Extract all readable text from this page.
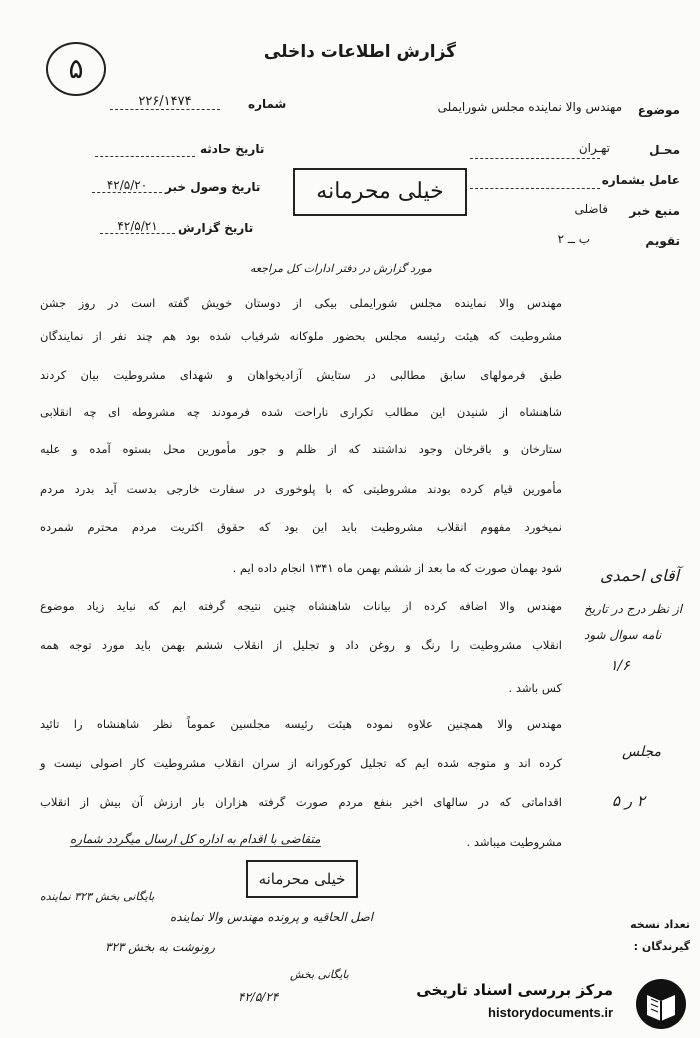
۵	گزارش اطلاعات داخلی
موضوع
مهندس والا نماینده مجلس شورایملی
محـل
تهـران
عامل بشماره
منبع خبر
فاضلی
تقویم
ب ــ ۲
شماره
۲۲۶/۱۴۷۴
تاریخ حادثه
تاریخ وصول خبر
۴۲/۵/۲۰
تاریخ گزارش
۴۲/۵/۲۱
خیلی محرمانه
مورد گزارش در دفتر ادارات کل مراجعه
مهندس والا نماینده مجلس شورایملی بیکی از دوستان خویش گفته است در روز جشن
مشروطیت که هیئت رئیسه مجلس بحضور ملوکانه شرفیاب شده بود هم چند نفر از نمایندگان
طبق فرمولهای سابق مطالبی در ستایش آزادیخواهان و شهدای مشروطیت بیان کردند
شاهنشاه از شنیدن این مطالب تکراری ناراحت شده فرمودند چه مشروطه ای چه انقلابی
ستارخان و باقرخان وجود نداشتند که از ظلم و جور مأمورین محل بستوه آمده و علیه
مأمورین قیام کرده بودند مشروطیتی که با پلوخوری در سفارت خارجی بدست آید بدرد مردم
نمیخورد مفهوم انقلاب مشروطیت باید این بود که حقوق اکثریت مردم محترم شمرده
شود بهمان صورت که ما بعد از ششم بهمن ماه ۱۳۴۱ انجام داده ایم .
مهندس والا اضافه کرده از بیانات شاهنشاه چنین نتیجه گرفته ایم که نباید زیاد موضوع
انقلاب مشروطیت را رنگ و روغن داد و تجلیل از انقلاب ششم بهمن باید مورد توجه همه
کس باشد .
مهندس والا همچنین علاوه نموده هیئت رئیسه مجلسین عموماً نظر شاهنشاه را تائید
کرده اند و متوجه شده ایم که تجلیل کورکورانه از سران انقلاب مشروطیت کار اصولی نیست و
اقداماتی که در سالهای اخیر بنفع مردم صورت گرفته هزاران بار ارزش آن بیش از انقلاب
مشروطیت میباشد .
آقای احمدی
از نظر درج در تاریخ
نامه سوال شود
۱/۶
مجلس
۲ ر ۵
متقاضی با اقدام به اداره کل ارسال میگردد شماره
خیلی محرمانه
تعداد نسخه
گیرندگان :
اصل الحاقیه و پرونده مهندس والا نماینده
بایگانی بخش ۳۲۳ نماینده
رونوشت به بخش ۳۲۳
بایگانی بخش
۴۲/۵/۲۴	مرکز بررسی اسناد تاریخی
historydocuments.ir
